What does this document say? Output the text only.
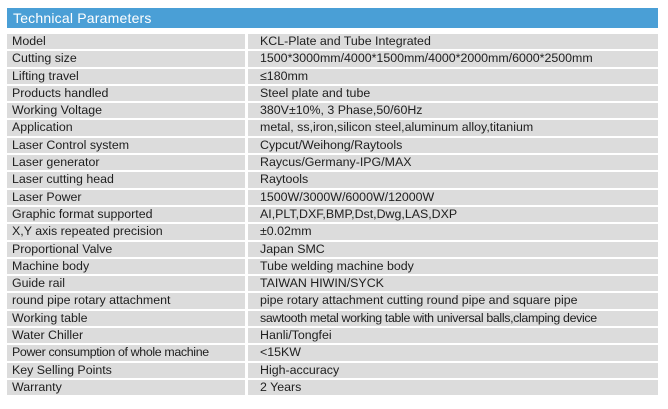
Technical Parameters
Model	KCL-Plate and Tube Integrated
Cutting size	1500*3000mm/4000*1500mm/4000*2000mm/6000*2500mm
Lifting travel	≤180mm
Products handled	Steel plate and tube
Working Voltage	380V±10%, 3 Phase,50/60Hz
Application	metal, ss,iron,silicon steel,aluminum alloy,titanium
Laser Control system	Cypcut/Weihong/Raytools
Laser generator	Raycus/Germany-IPG/MAX
Laser cutting head	Raytools
Laser Power	1500W/3000W/6000W/12000W
Graphic format supported	AI,PLT,DXF,BMP,Dst,Dwg,LAS,DXP
X,Y axis repeated precision	±0.02mm
Proportional Valve	Japan SMC
Machine body	Tube welding machine body
Guide rail	TAIWAN HIWIN/SYCK
round pipe rotary attachment	pipe rotary attachment cutting round pipe and square pipe
Working table	sawtooth metal working table with universal balls,clamping device
Water Chiller	Hanli/Tongfei
Power consumption of whole machine	<15KW
Key Selling Points	High-accuracy
Warranty	2 Years
